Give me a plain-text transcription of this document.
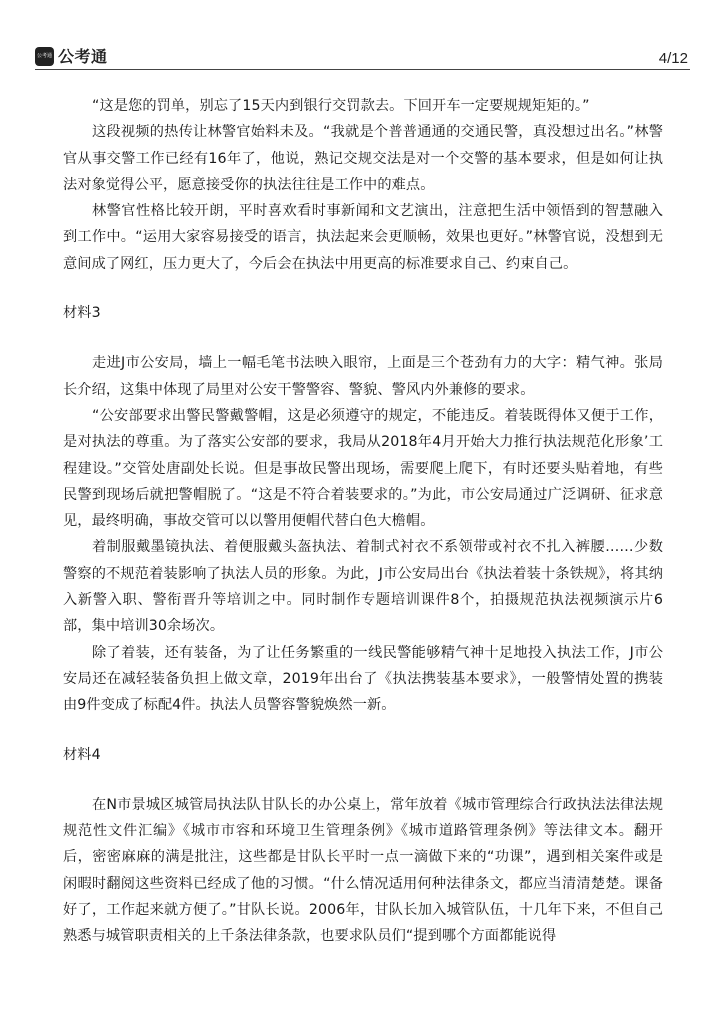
公考通 公考通	4/12

“这是您的罚单，别忘了15天内到银行交罚款去。下回开车一定要规规矩矩的。”

这段视频的热传让林警官始料未及。“我就是个普普通通的交通民警，真没想过出名。”林警官从事交警工作已经有16年了，他说，熟记交规交法是对一个交警的基本要求，但是如何让执法对象觉得公平，愿意接受你的执法往往是工作中的难点。

林警官性格比较开朗，平时喜欢看时事新闻和文艺演出，注意把生活中领悟到的智慧融入到工作中。“运用大家容易接受的语言，执法起来会更顺畅，效果也更好。”林警官说，没想到无意间成了网红，压力更大了，今后会在执法中用更高的标准要求自己、约束自己。

材料3

走进J市公安局，墙上一幅毛笔书法映入眼帘，上面是三个苍劲有力的大字：精气神。张局长介绍，这集中体现了局里对公安干警警容、警貌、警风内外兼修的要求。

“公安部要求出警民警戴警帽，这是必须遵守的规定，不能违反。着装既得体又便于工作，是对执法的尊重。为了落实公安部的要求，我局从2018年4月开始大力推行执法规范化形象’工程建设。”交管处唐副处长说。但是事故民警出现场，需要爬上爬下，有时还要头贴着地，有些民警到现场后就把警帽脱了。“这是不符合着装要求的。”为此，市公安局通过广泛调研、征求意见，最终明确，事故交管可以以警用便帽代替白色大檐帽。

着制服戴墨镜执法、着便服戴头盔执法、着制式衬衣不系领带或衬衣不扎入裤腰……少数警察的不规范着装影响了执法人员的形象。为此，J市公安局出台《执法着装十条铁规》，将其纳入新警入职、警衔晋升等培训之中。同时制作专题培训课件8个，拍摄规范执法视频演示片6部，集中培训30余场次。

除了着装，还有装备，为了让任务繁重的一线民警能够精气神十足地投入执法工作，J市公安局还在减轻装备负担上做文章，2019年出台了《执法携装基本要求》，一般警情处置的携装由9件变成了标配4件。执法人员警容警貌焕然一新。

材料4

在N市景城区城管局执法队甘队长的办公桌上，常年放着《城市管理综合行政执法法律法规规范性文件汇编》《城市市容和环境卫生管理条例》《城市道路管理条例》等法律文本。翻开后，密密麻麻的满是批注，这些都是甘队长平时一点一滴做下来的“功课”，遇到相关案件或是闲暇时翻阅这些资料已经成了他的习惯。“什么情况适用何种法律条文，都应当清清楚楚。课备好了，工作起来就方便了。”甘队长说。2006年，甘队长加入城管队伍，十几年下来，不但自己熟悉与城管职责相关的上千条法律条款，也要求队员们“提到哪个方面都能说得
